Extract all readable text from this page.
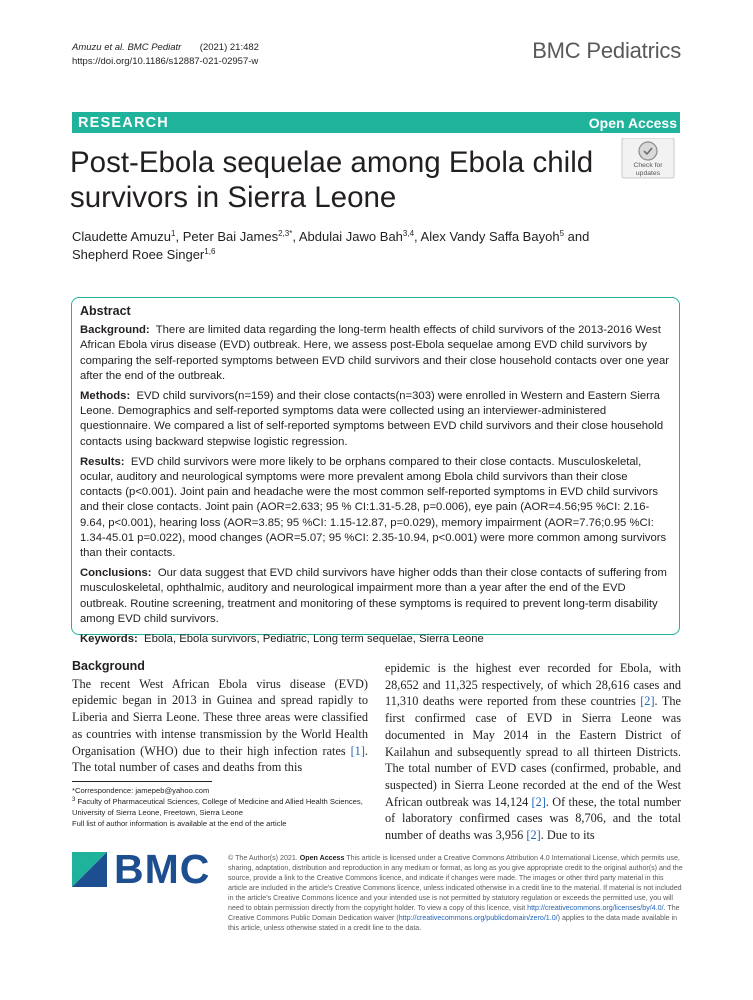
Amuzu et al. BMC Pediatr (2021) 21:482
https://doi.org/10.1186/s12887-021-02957-w	BMC Pediatrics
RESEARCH	Open Access
Post-Ebola sequelae among Ebola child
survivors in Sierra Leone
Check for
updates
Claudette Amuzu$^1$, Peter Bai James$^{2,3*}$, Abdulai Jawo Bah$^{3,4}$, Alex Vandy Saffa Bayoh$^5$ and
Shepherd Roee Singer$^{1,6}$
Abstract

Background: There are limited data regarding the long-term health effects of child survivors of the 2013-2016 West African Ebola virus disease (EVD) outbreak. Here, we assess post-Ebola sequelae among EVD child survivors by comparing the self-reported symptoms between EVD child survivors and their close household contacts over one year after the end of the outbreak.

Methods: EVD child survivors(n=159) and their close contacts(n=303) were enrolled in Western and Eastern Sierra Leone. Demographics and self-reported symptoms data were collected using an interviewer-administered questionnaire. We compared a list of self-reported symptoms between EVD child survivors and their close household contacts using backward stepwise logistic regression.

Results: EVD child survivors were more likely to be orphans compared to their close contacts. Musculoskeletal, ocular, auditory and neurological symptoms were more prevalent among Ebola child survivors than their close contacts (p<0.001). Joint pain and headache were the most common self-reported symptoms in EVD child survivors and their close contacts. Joint pain (AOR=2.633; 95 % CI:1.31-5.28, p=0.006), eye pain (AOR=4.56;95 %CI: 2.16-9.64, p<0.001), hearing loss (AOR=3.85; 95 %CI: 1.15-12.87, p=0.029), memory impairment (AOR=7.76;0.95 %CI: 1.34-45.01 p=0.022), mood changes (AOR=5.07; 95 %CI: 2.35-10.94, p<0.001) were more common among survivors than their contacts.

Conclusions: Our data suggest that EVD child survivors have higher odds than their close contacts of suffering from musculoskeletal, ophthalmic, auditory and neurological impairment more than a year after the end of the EVD outbreak. Routine screening, treatment and monitoring of these symptoms is required to prevent long-term disability among EVD child survivors.

Keywords: Ebola, Ebola survivors, Pediatric, Long term sequelae, Sierra Leone

Background
The recent West African Ebola virus disease (EVD) epidemic began in 2013 in Guinea and spread rapidly to Liberia and Sierra Leone. These three areas were classified as countries with intense transmission by the World Health Organisation (WHO) due to their high infection rates [1]. The total number of cases and deaths from this
epidemic is the highest ever recorded for Ebola, with 28,652 and 11,325 respectively, of which 28,616 cases and 11,310 deaths were reported from these countries [2]. The first confirmed case of EVD in Sierra Leone was documented in May 2014 in the Eastern District of Kailahun and subsequently spread to all thirteen Districts. The total number of EVD cases (confirmed, probable, and suspected) in Sierra Leone recorded at the end of the West African outbreak was 14,124 [2]. Of these, the total number of laboratory confirmed cases was 8,706, and the total number of deaths was 3,956 [2]. Due to its
*Correspondence: jamepeb@yahoo.com
$^3$ Faculty of Pharmaceutical Sciences, College of Medicine and Allied Health Sciences, University of Sierra Leone, Freetown, Sierra Leone
Full list of author information is available at the end of the article
BMC © The Author(s) 2021. Open Access This article is licensed under a Creative Commons Attribution 4.0 International License, which permits use, sharing, adaptation, distribution and reproduction in any medium or format, as long as you give appropriate credit to the original author(s) and the source, provide a link to the Creative Commons licence, and indicate if changes were made. The images or other third party material in this article are included in the article's Creative Commons licence, unless indicated otherwise in a credit line to the material. If material is not included in the article's Creative Commons licence and your intended use is not permitted by statutory regulation or exceeds the permitted use, you will need to obtain permission directly from the copyright holder. To view a copy of this licence, visit http://creativecommons.org/licenses/by/4.0/. The Creative Commons Public Domain Dedication waiver (http://creativecommons.org/publicdomain/zero/1.0/) applies to the data made available in this article, unless otherwise stated in a credit line to the data.
